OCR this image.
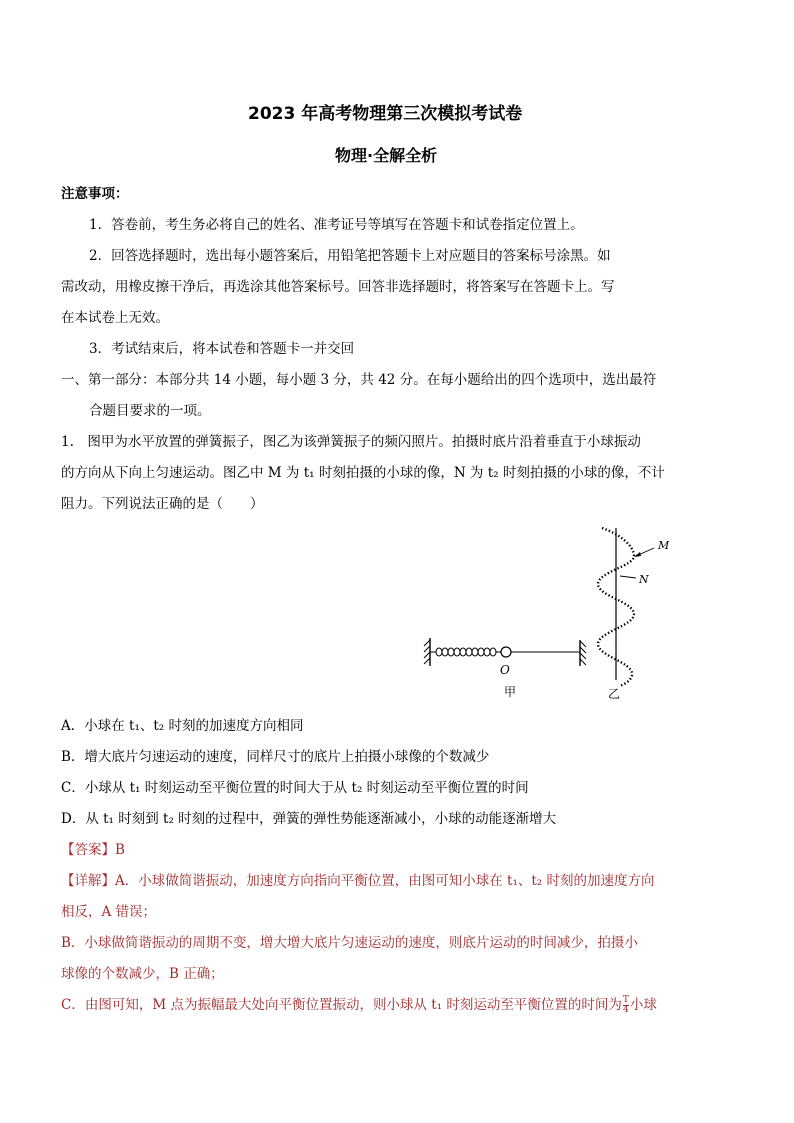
2023 年高考物理第三次模拟考试卷
物理·全解全析
注意事项：
1．答卷前，考生务必将自己的姓名、准考证号等填写在答题卡和试卷指定位置上。
2．回答选择题时，选出每小题答案后，用铅笔把答题卡上对应题目的答案标号涂黑。如
需改动，用橡皮擦干净后，再选涂其他答案标号。回答非选择题时，将答案写在答题卡上。写
在本试卷上无效。
3．考试结束后，将本试卷和答题卡一并交回
一、第一部分：本部分共 14 小题，每小题 3 分，共 42 分。在每小题给出的四个选项中，选出最符
合题目要求的一项。
1.　图甲为水平放置的弹簧振子，图乙为该弹簧振子的频闪照片。拍摄时底片沿着垂直于小球振动
的方向从下向上匀速运动。图乙中 M 为 t₁ 时刻拍摄的小球的像，N 为 t₂ 时刻拍摄的小球的像，不计
阻力。下列说法正确的是（　　）
M
N
O
甲	乙
A．小球在 t₁、t₂ 时刻的加速度方向相同
B．增大底片匀速运动的速度，同样尺寸的底片上拍摄小球像的个数减少
C．小球从 t₁ 时刻运动至平衡位置的时间大于从 t₂ 时刻运动至平衡位置的时间
D．从 t₁ 时刻到 t₂ 时刻的过程中，弹簧的弹性势能逐渐减小，小球的动能逐渐增大
【答案】B
【详解】A．小球做简谐振动，加速度方向指向平衡位置，由图可知小球在 t₁、t₂ 时刻的加速度方向
相反，A 错误；
B．小球做简谐振动的周期不变，增大增大底片匀速运动的速度，则底片运动的时间减少，拍摄小
球像的个数减少，B 正确；
C．由图可知，M 点为振幅最大处向平衡位置振动，则小球从 t₁ 时刻运动至平衡位置的时间为 $\frac{T}{4}$ 小球
